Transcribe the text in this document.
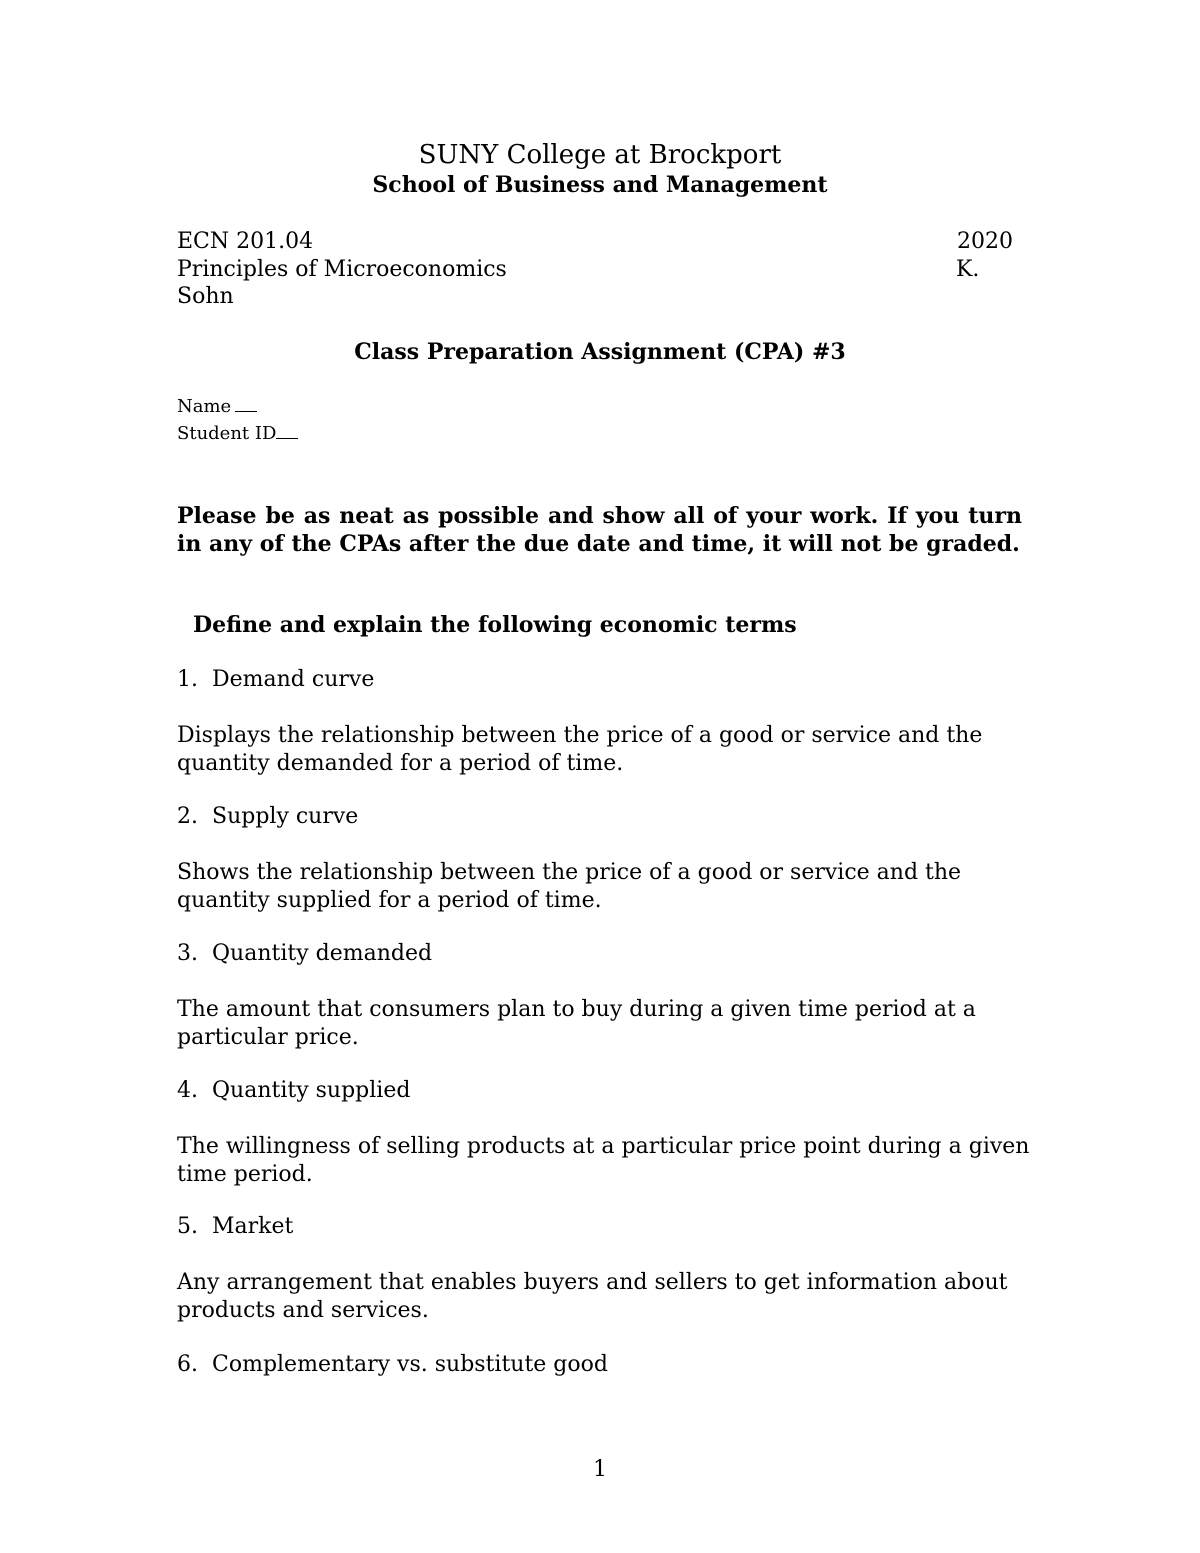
SUNY College at Brockport
School of Business and Management
ECN 201.04	2020
Principles of Microeconomics	K.
Sohn
Class Preparation Assignment (CPA) #3
Name
Student ID
Please be as neat as possible and show all of your work. If you turn in any of the CPAs after the due date and time, it will not be graded.
Define and explain the following economic terms
1. Demand curve
Displays the relationship between the price of a good or service and the quantity demanded for a period of time.
2. Supply curve
Shows the relationship between the price of a good or service and the quantity supplied for a period of time.
3. Quantity demanded
The amount that consumers plan to buy during a given time period at a particular price.
4. Quantity supplied
The willingness of selling products at a particular price point during a given time period.
5. Market
Any arrangement that enables buyers and sellers to get information about products and services.
6. Complementary vs. substitute good
1
